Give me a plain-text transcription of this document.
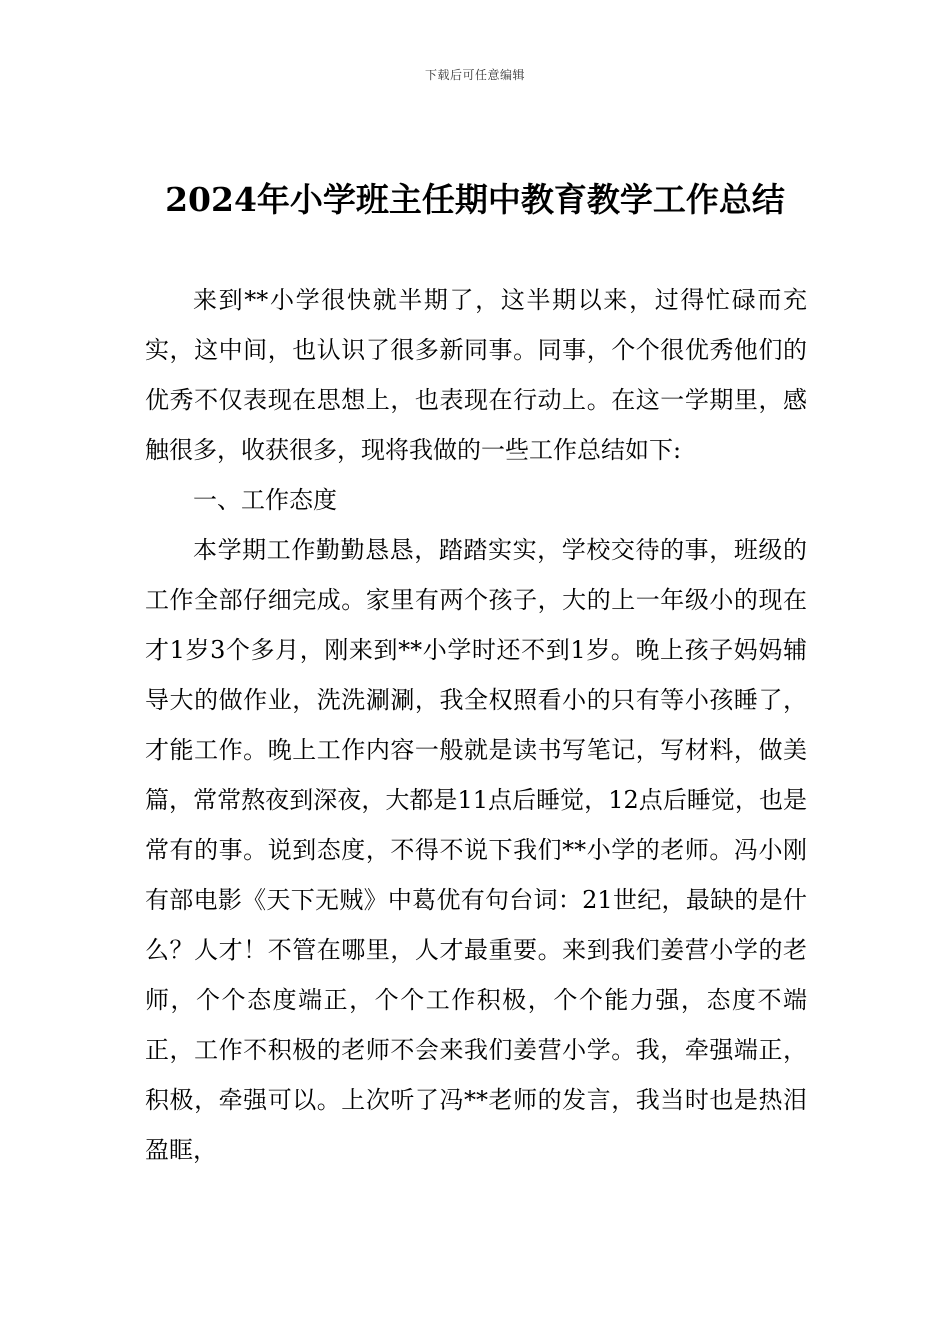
下载后可任意编辑
2024年小学班主任期中教育教学工作总结

来到**小学很快就半期了，这半期以来，过得忙碌而充实，这中间，也认识了很多新同事。同事，个个很优秀他们的优秀不仅表现在思想上，也表现在行动上。在这一学期里，感触很多，收获很多，现将我做的一些工作总结如下:

一、工作态度

本学期工作勤勤恳恳，踏踏实实，学校交待的事，班级的工作全部仔细完成。家里有两个孩子，大的上一年级小的现在才1岁3个多月，刚来到**小学时还不到1岁。晚上孩子妈妈辅导大的做作业，洗洗涮涮，我全权照看小的只有等小孩睡了，才能工作。晚上工作内容一般就是读书写笔记，写材料，做美篇，常常熬夜到深夜，大都是11点后睡觉，12点后睡觉，也是常有的事。说到态度，不得不说下我们**小学的老师。冯小刚有部电影《天下无贼》中葛优有句台词：21世纪，最缺的是什么？人才！不管在哪里，人才最重要。来到我们姜营小学的老师，个个态度端正，个个工作积极，个个能力强，态度不端正，工作不积极的老师不会来我们姜营小学。我，牵强端正，积极，牵强可以。上次听了冯**老师的发言，我当时也是热泪盈眶，
